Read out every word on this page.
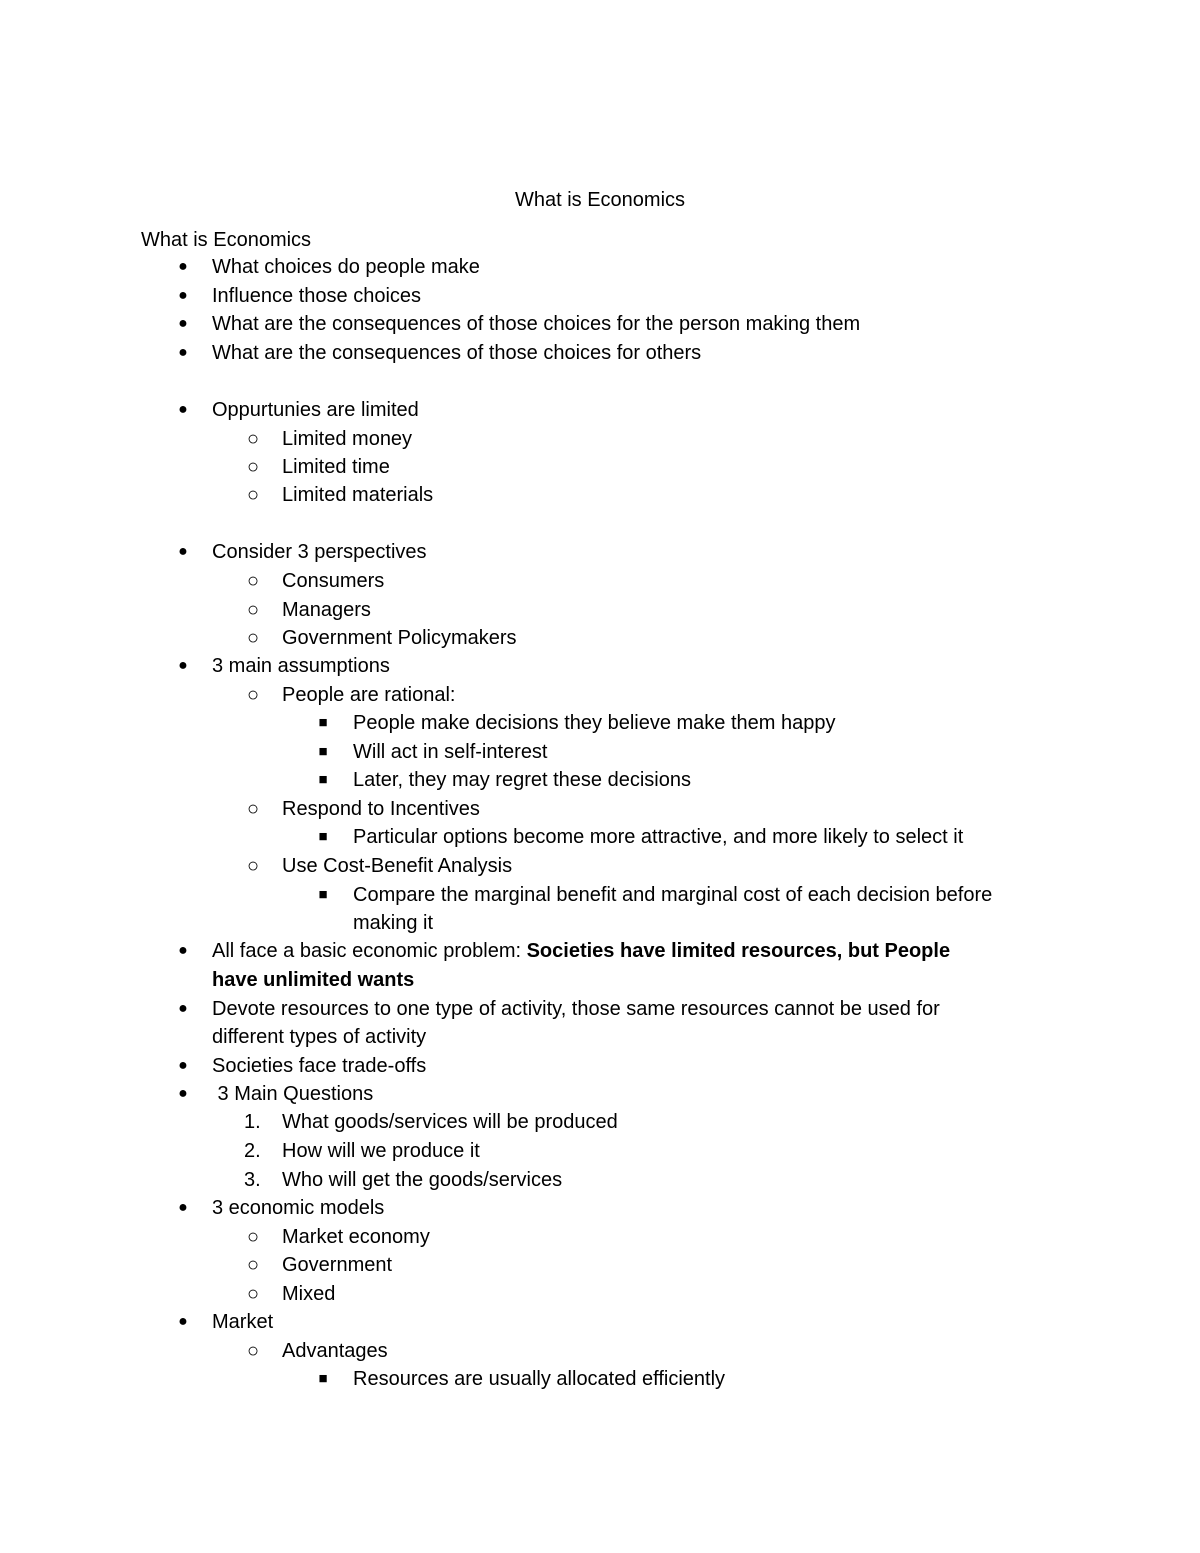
What is Economics
What is Economics
● What choices do people make
● Influence those choices
● What are the consequences of those choices for the person making them
● What are the consequences of those choices for others
● Oppurtunies are limited
○ Limited money
○ Limited time
○ Limited materials
● Consider 3 perspectives
○ Consumers
○ Managers
○ Government Policymakers
● 3 main assumptions
○ People are rational:
■ People make decisions they believe make them happy
■ Will act in self-interest
■ Later, they may regret these decisions
○ Respond to Incentives
■ Particular options become more attractive, and more likely to select it
○ Use Cost-Benefit Analysis
■ Compare the marginal benefit and marginal cost of each decision before
making it
● All face a basic economic problem: Societies have limited resources, but People
have unlimited wants
● Devote resources to one type of activity, those same resources cannot be used for
different types of activity
● Societies face trade-offs
● 3 Main Questions
1. What goods/services will be produced
2. How will we produce it
3. Who will get the goods/services
● 3 economic models
○ Market economy
○ Government
○ Mixed
● Market
○ Advantages
■ Resources are usually allocated efficiently
